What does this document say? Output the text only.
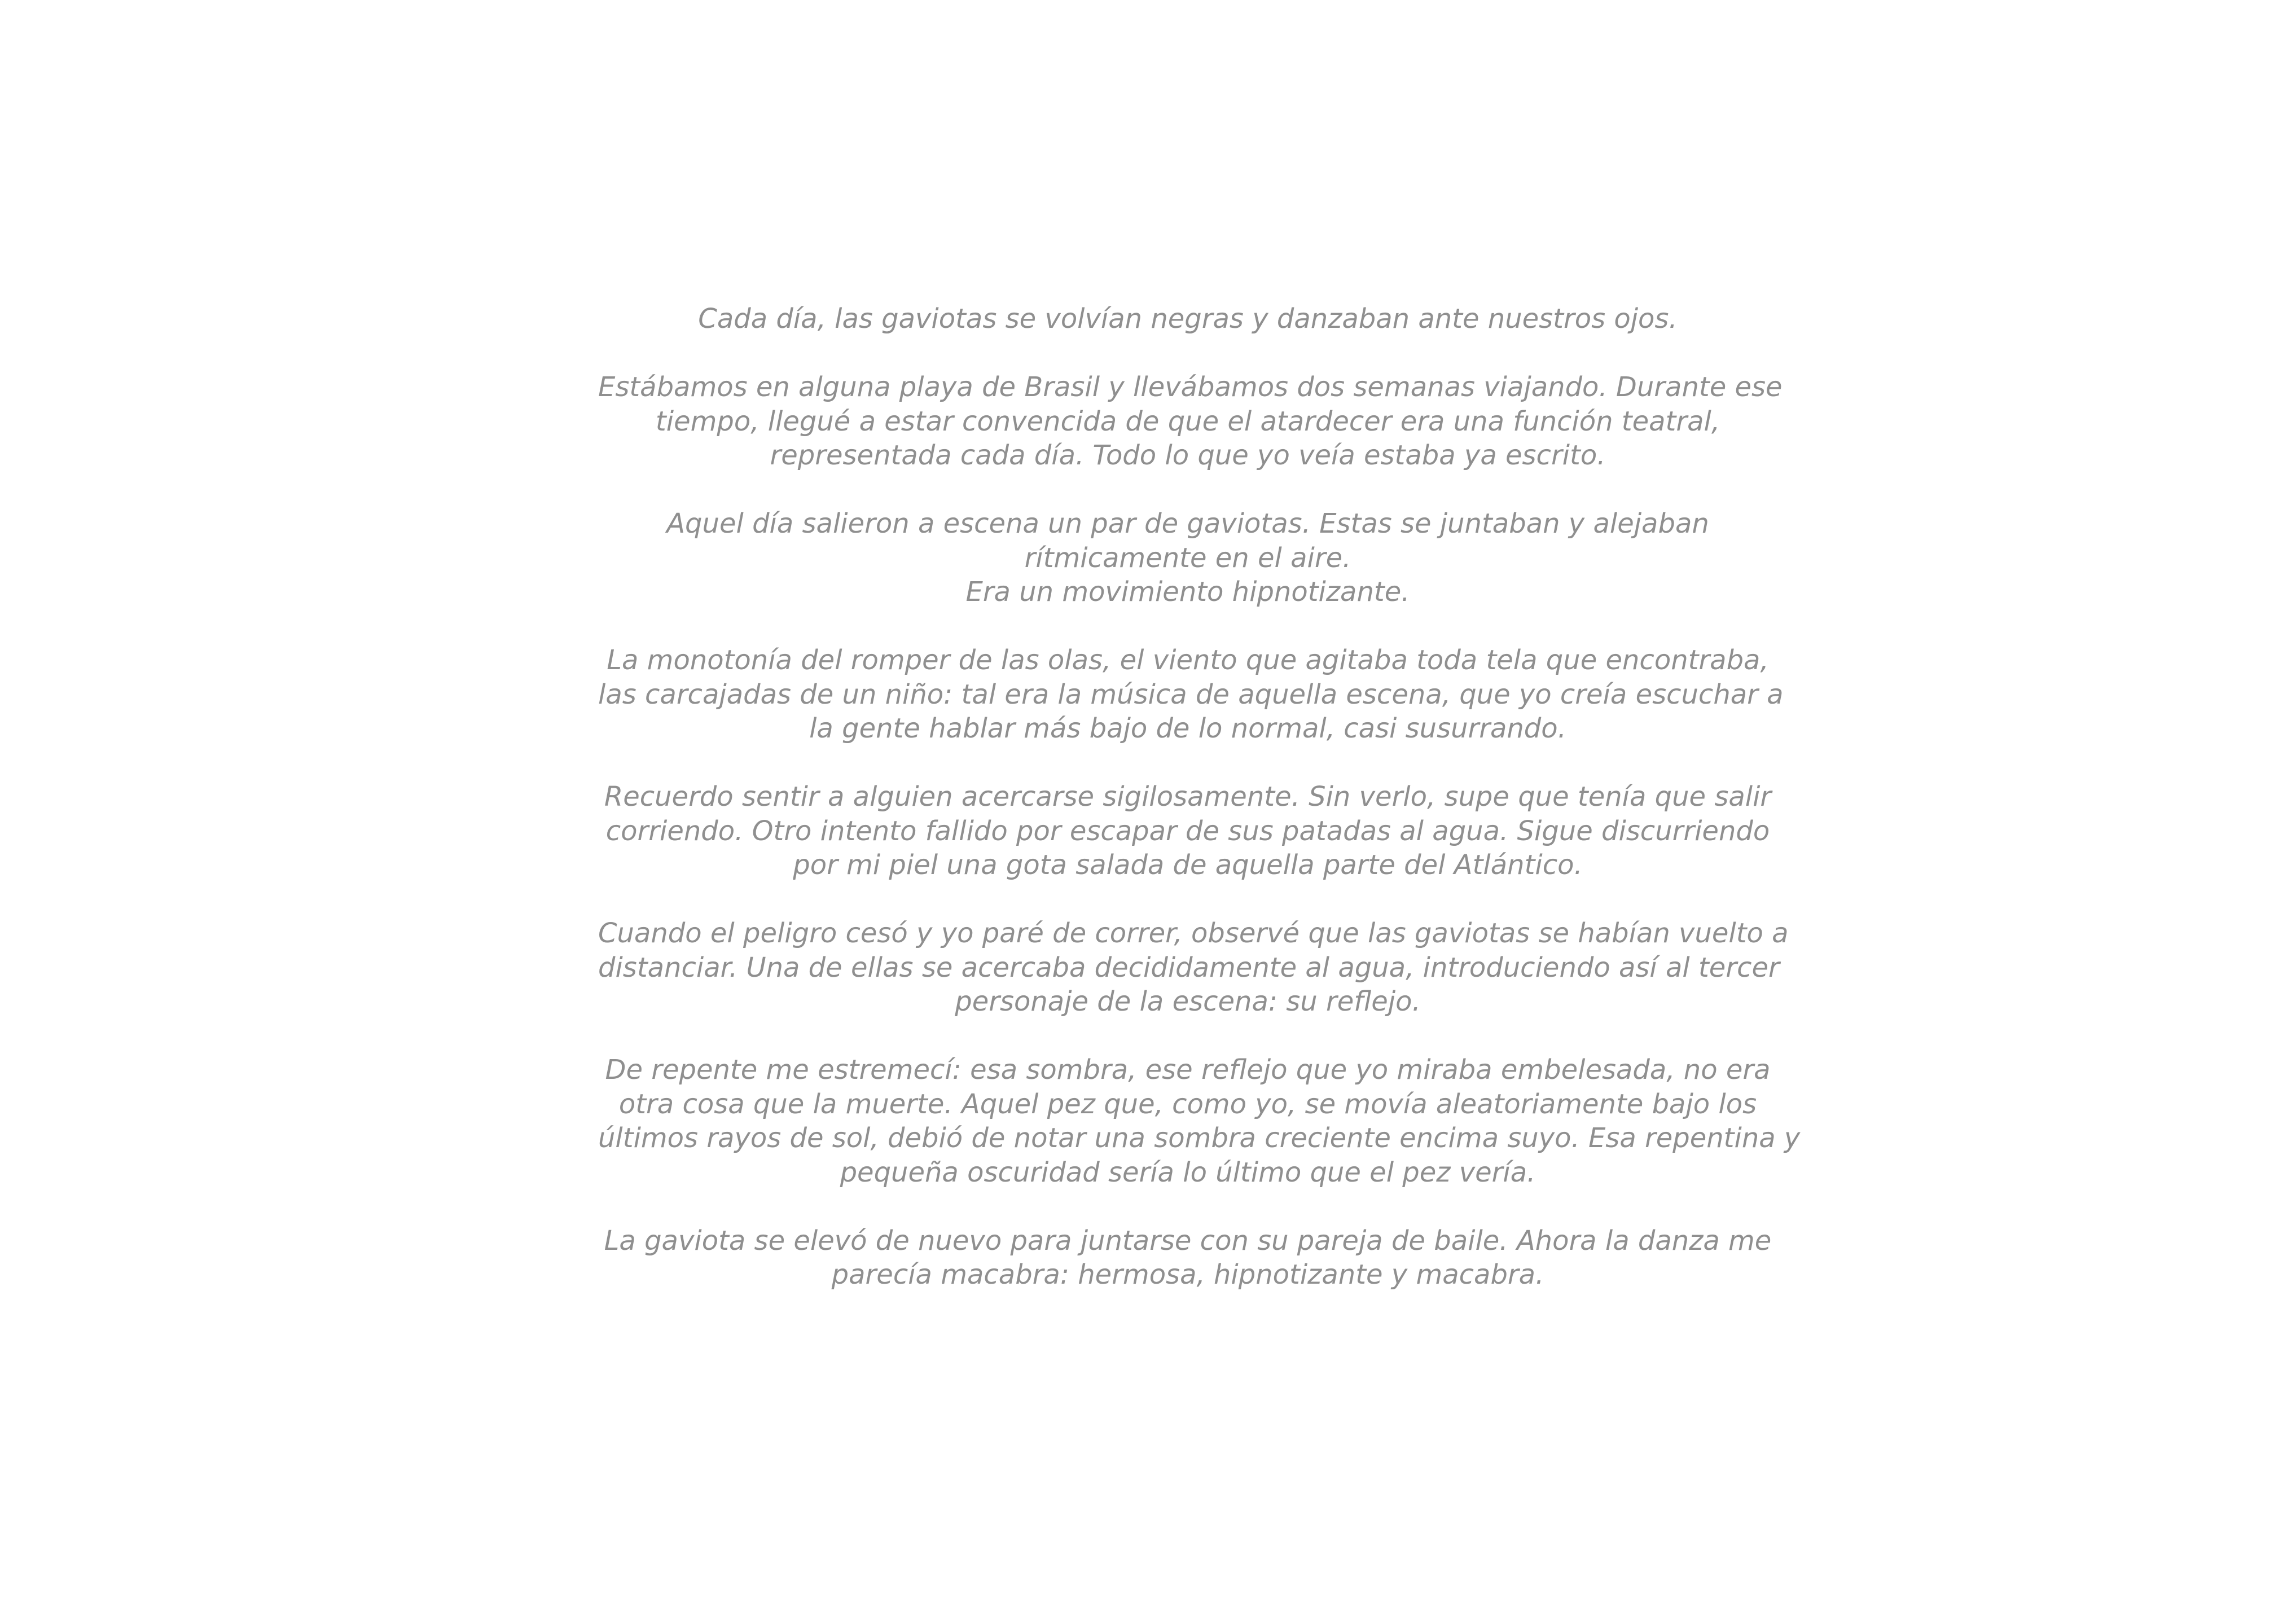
Cada día, las gaviotas se volvían negras y danzaban ante nuestros ojos.

Estábamos en alguna playa de Brasil y llevábamos dos semanas viajando. Durante ese
tiempo, llegué a estar convencida de que el atardecer era una función teatral,
representada cada día. Todo lo que yo veía estaba ya escrito.

Aquel día salieron a escena un par de gaviotas. Estas se juntaban y alejaban
rítmicamente en el aire.
Era un movimiento hipnotizante.

La monotonía del romper de las olas, el viento que agitaba toda tela que encontraba,
las carcajadas de un niño: tal era la música de aquella escena, que yo creía escuchar a
la gente hablar más bajo de lo normal, casi susurrando.

Recuerdo sentir a alguien acercarse sigilosamente. Sin verlo, supe que tenía que salir
corriendo. Otro intento fallido por escapar de sus patadas al agua. Sigue discurriendo
por mi piel una gota salada de aquella parte del Atlántico.

Cuando el peligro cesó y yo paré de correr, observé que las gaviotas se habían vuelto a
distanciar. Una de ellas se acercaba decididamente al agua, introduciendo así al tercer
personaje de la escena: su reflejo.

De repente me estremecí: esa sombra, ese reflejo que yo miraba embelesada, no era
otra cosa que la muerte. Aquel pez que, como yo, se movía aleatoriamente bajo los
últimos rayos de sol, debió de notar una sombra creciente encima suyo. Esa repentina y
pequeña oscuridad sería lo último que el pez vería.

La gaviota se elevó de nuevo para juntarse con su pareja de baile. Ahora la danza me
parecía macabra: hermosa, hipnotizante y macabra.
